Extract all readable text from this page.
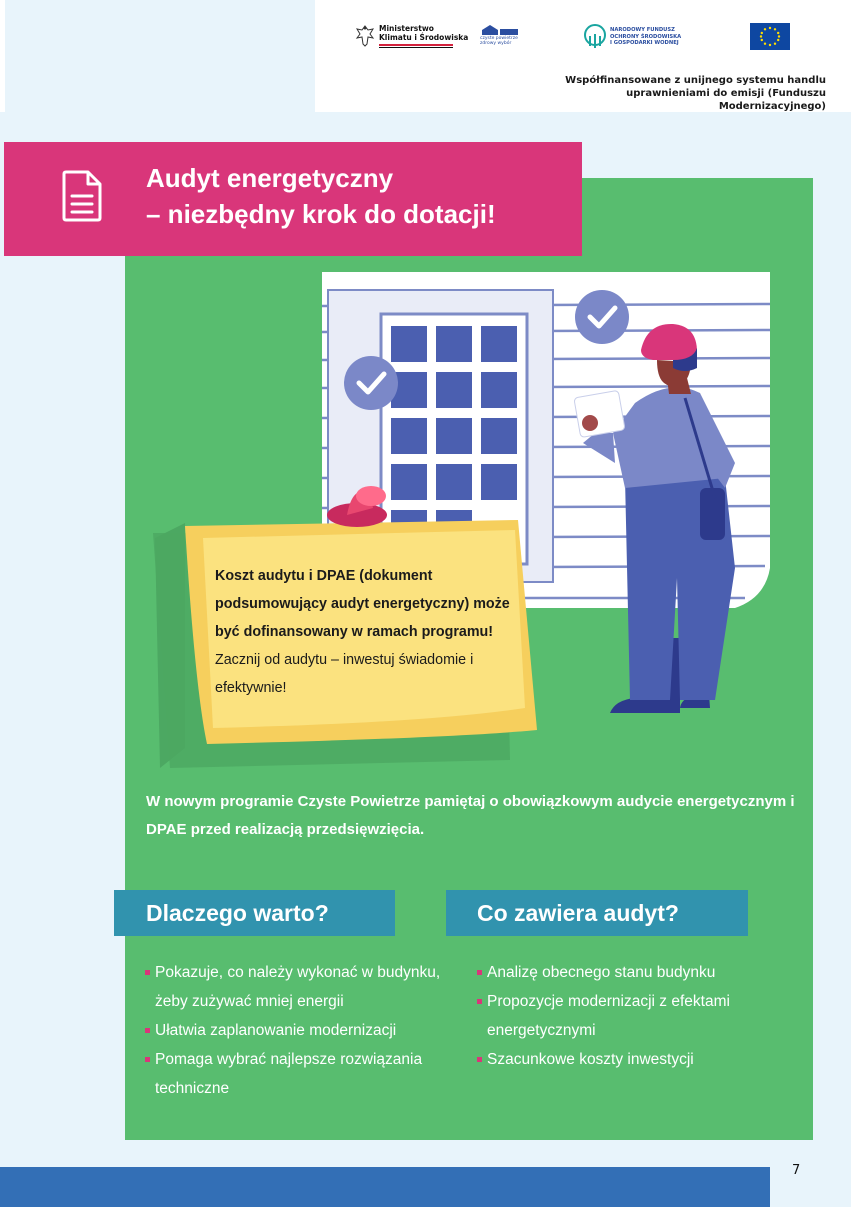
Ministerstwo
Klimatu i Środowiska	czyste powietrze
zdrowy wybór
NARODOWY FUNDUSZ
OCHRONY ŚRODOWISKA
I GOSPODARKI WODNEJ
Współfinansowane z unijnego systemu handlu
uprawnieniami do emisji (Funduszu Modernizacyjnego)
Audyt energetyczny
– niezbędny krok do dotacji!
Koszt audytu i DPAE (dokument podsumowujący audyt energetyczny) może być dofinansowany w ramach programu!
Zacznij od audytu – inwestuj świadomie i efektywnie!
W nowym programie Czyste Powietrze pamiętaj o obowiązkowym audycie energetycznym i DPAE przed realizacją przedsięwzięcia.
Dlaczego warto?	Co zawiera audyt?
Pokazuje, co należy wykonać w budynku, żeby zużywać mniej energii
Ułatwia zaplanowanie modernizacji
Pomaga wybrać najlepsze rozwiązania techniczne
Analizę obecnego stanu budynku
Propozycje modernizacji z efektami energetycznymi
Szacunkowe koszty inwestycji
7
